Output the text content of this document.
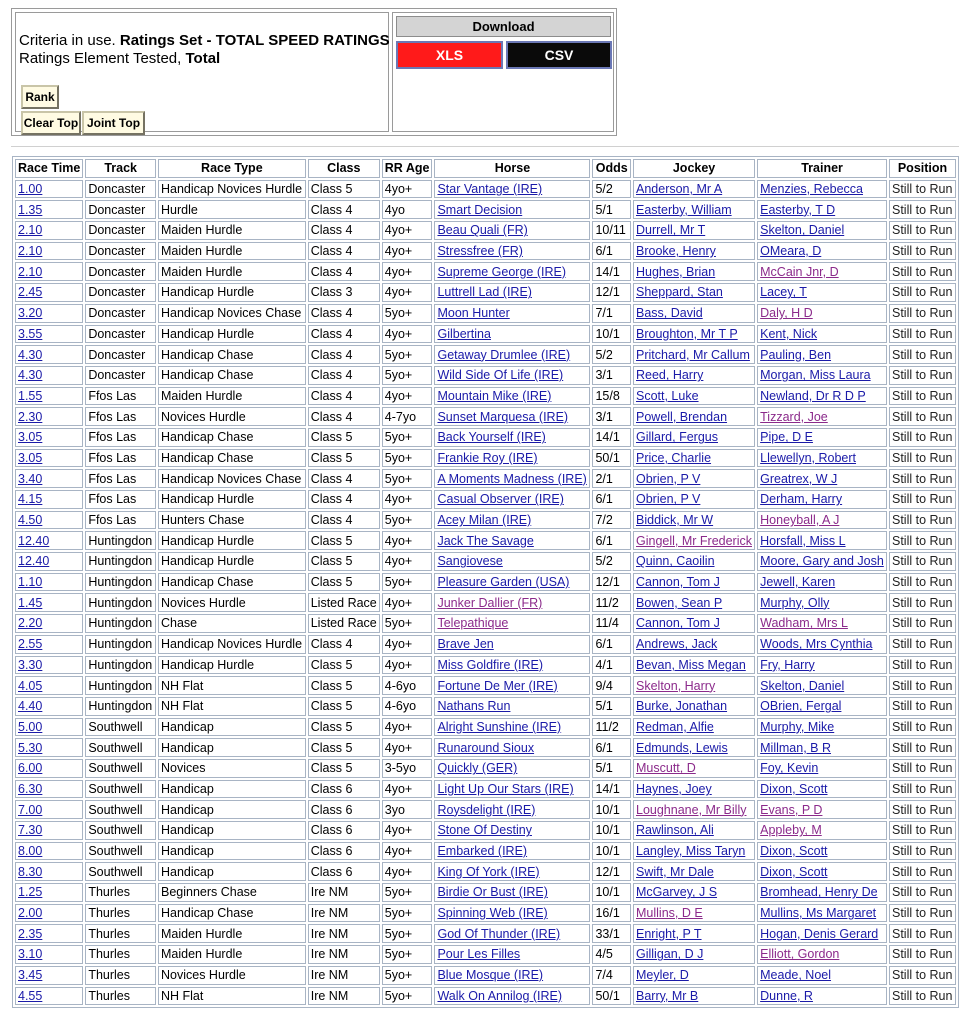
Criteria in use. Ratings Set - TOTAL SPEED RATINGS
Ratings Element Tested, Total
Rank
Clear Top Joint Top
Download
XLS	CSV
Race Time	Track	Race Type	Class	RR Age	Horse	Odds	Jockey	Trainer	Position
1.00	Doncaster	Handicap Novices Hurdle	Class 5	4yo+	Star Vantage (IRE)	5/2	Anderson, Mr A	Menzies, Rebecca	Still to Run
1.35	Doncaster	Hurdle	Class 4	4yo	Smart Decision	5/1	Easterby, William	Easterby, T D	Still to Run
2.10	Doncaster	Maiden Hurdle	Class 4	4yo+	Beau Quali (FR)	10/11	Durrell, Mr T	Skelton, Daniel	Still to Run
2.10	Doncaster	Maiden Hurdle	Class 4	4yo+	Stressfree (FR)	6/1	Brooke, Henry	OMeara, D	Still to Run
2.10	Doncaster	Maiden Hurdle	Class 4	4yo+	Supreme George (IRE)	14/1	Hughes, Brian	McCain Jnr, D	Still to Run
2.45	Doncaster	Handicap Hurdle	Class 3	4yo+	Luttrell Lad (IRE)	12/1	Sheppard, Stan	Lacey, T	Still to Run
3.20	Doncaster	Handicap Novices Chase	Class 4	5yo+	Moon Hunter	7/1	Bass, David	Daly, H D	Still to Run
3.55	Doncaster	Handicap Hurdle	Class 4	4yo+	Gilbertina	10/1	Broughton, Mr T P	Kent, Nick	Still to Run
4.30	Doncaster	Handicap Chase	Class 4	5yo+	Getaway Drumlee (IRE)	5/2	Pritchard, Mr Callum	Pauling, Ben	Still to Run
4.30	Doncaster	Handicap Chase	Class 4	5yo+	Wild Side Of Life (IRE)	3/1	Reed, Harry	Morgan, Miss Laura	Still to Run
1.55	Ffos Las	Maiden Hurdle	Class 4	4yo+	Mountain Mike (IRE)	15/8	Scott, Luke	Newland, Dr R D P	Still to Run
2.30	Ffos Las	Novices Hurdle	Class 4	4-7yo	Sunset Marquesa (IRE)	3/1	Powell, Brendan	Tizzard, Joe	Still to Run
3.05	Ffos Las	Handicap Chase	Class 5	5yo+	Back Yourself (IRE)	14/1	Gillard, Fergus	Pipe, D E	Still to Run
3.05	Ffos Las	Handicap Chase	Class 5	5yo+	Frankie Roy (IRE)	50/1	Price, Charlie	Llewellyn, Robert	Still to Run
3.40	Ffos Las	Handicap Novices Chase	Class 4	5yo+	A Moments Madness (IRE)	2/1	Obrien, P V	Greatrex, W J	Still to Run
4.15	Ffos Las	Handicap Hurdle	Class 4	4yo+	Casual Observer (IRE)	6/1	Obrien, P V	Derham, Harry	Still to Run
4.50	Ffos Las	Hunters Chase	Class 4	5yo+	Acey Milan (IRE)	7/2	Biddick, Mr W	Honeyball, A J	Still to Run
12.40	Huntingdon	Handicap Hurdle	Class 5	4yo+	Jack The Savage	6/1	Gingell, Mr Frederick	Horsfall, Miss L	Still to Run
12.40	Huntingdon	Handicap Hurdle	Class 5	4yo+	Sangiovese	5/2	Quinn, Caoilin	Moore, Gary and Josh	Still to Run
1.10	Huntingdon	Handicap Chase	Class 5	5yo+	Pleasure Garden (USA)	12/1	Cannon, Tom J	Jewell, Karen	Still to Run
1.45	Huntingdon	Novices Hurdle	Listed Race	4yo+	Junker Dallier (FR)	11/2	Bowen, Sean P	Murphy, Olly	Still to Run
2.20	Huntingdon	Chase	Listed Race	5yo+	Telepathique	11/4	Cannon, Tom J	Wadham, Mrs L	Still to Run
2.55	Huntingdon	Handicap Novices Hurdle	Class 4	4yo+	Brave Jen	6/1	Andrews, Jack	Woods, Mrs Cynthia	Still to Run
3.30	Huntingdon	Handicap Hurdle	Class 5	4yo+	Miss Goldfire (IRE)	4/1	Bevan, Miss Megan	Fry, Harry	Still to Run
4.05	Huntingdon	NH Flat	Class 5	4-6yo	Fortune De Mer (IRE)	9/4	Skelton, Harry	Skelton, Daniel	Still to Run
4.40	Huntingdon	NH Flat	Class 5	4-6yo	Nathans Run	5/1	Burke, Jonathan	OBrien, Fergal	Still to Run
5.00	Southwell	Handicap	Class 5	4yo+	Alright Sunshine (IRE)	11/2	Redman, Alfie	Murphy, Mike	Still to Run
5.30	Southwell	Handicap	Class 5	4yo+	Runaround Sioux	6/1	Edmunds, Lewis	Millman, B R	Still to Run
6.00	Southwell	Novices	Class 5	3-5yo	Quickly (GER)	5/1	Muscutt, D	Foy, Kevin	Still to Run
6.30	Southwell	Handicap	Class 6	4yo+	Light Up Our Stars (IRE)	14/1	Haynes, Joey	Dixon, Scott	Still to Run
7.00	Southwell	Handicap	Class 6	3yo	Roysdelight (IRE)	10/1	Loughnane, Mr Billy	Evans, P D	Still to Run
7.30	Southwell	Handicap	Class 6	4yo+	Stone Of Destiny	10/1	Rawlinson, Ali	Appleby, M	Still to Run
8.00	Southwell	Handicap	Class 6	4yo+	Embarked (IRE)	10/1	Langley, Miss Taryn	Dixon, Scott	Still to Run
8.30	Southwell	Handicap	Class 6	4yo+	King Of York (IRE)	12/1	Swift, Mr Dale	Dixon, Scott	Still to Run
1.25	Thurles	Beginners Chase	Ire NM	5yo+	Birdie Or Bust (IRE)	10/1	McGarvey, J S	Bromhead, Henry De	Still to Run
2.00	Thurles	Handicap Chase	Ire NM	5yo+	Spinning Web (IRE)	16/1	Mullins, D E	Mullins, Ms Margaret	Still to Run
2.35	Thurles	Maiden Hurdle	Ire NM	5yo+	God Of Thunder (IRE)	33/1	Enright, P T	Hogan, Denis Gerard	Still to Run
3.10	Thurles	Maiden Hurdle	Ire NM	5yo+	Pour Les Filles	4/5	Gilligan, D J	Elliott, Gordon	Still to Run
3.45	Thurles	Novices Hurdle	Ire NM	5yo+	Blue Mosque (IRE)	7/4	Meyler, D	Meade, Noel	Still to Run
4.55	Thurles	NH Flat	Ire NM	5yo+	Walk On Annilog (IRE)	50/1	Barry, Mr B	Dunne, R	Still to Run
